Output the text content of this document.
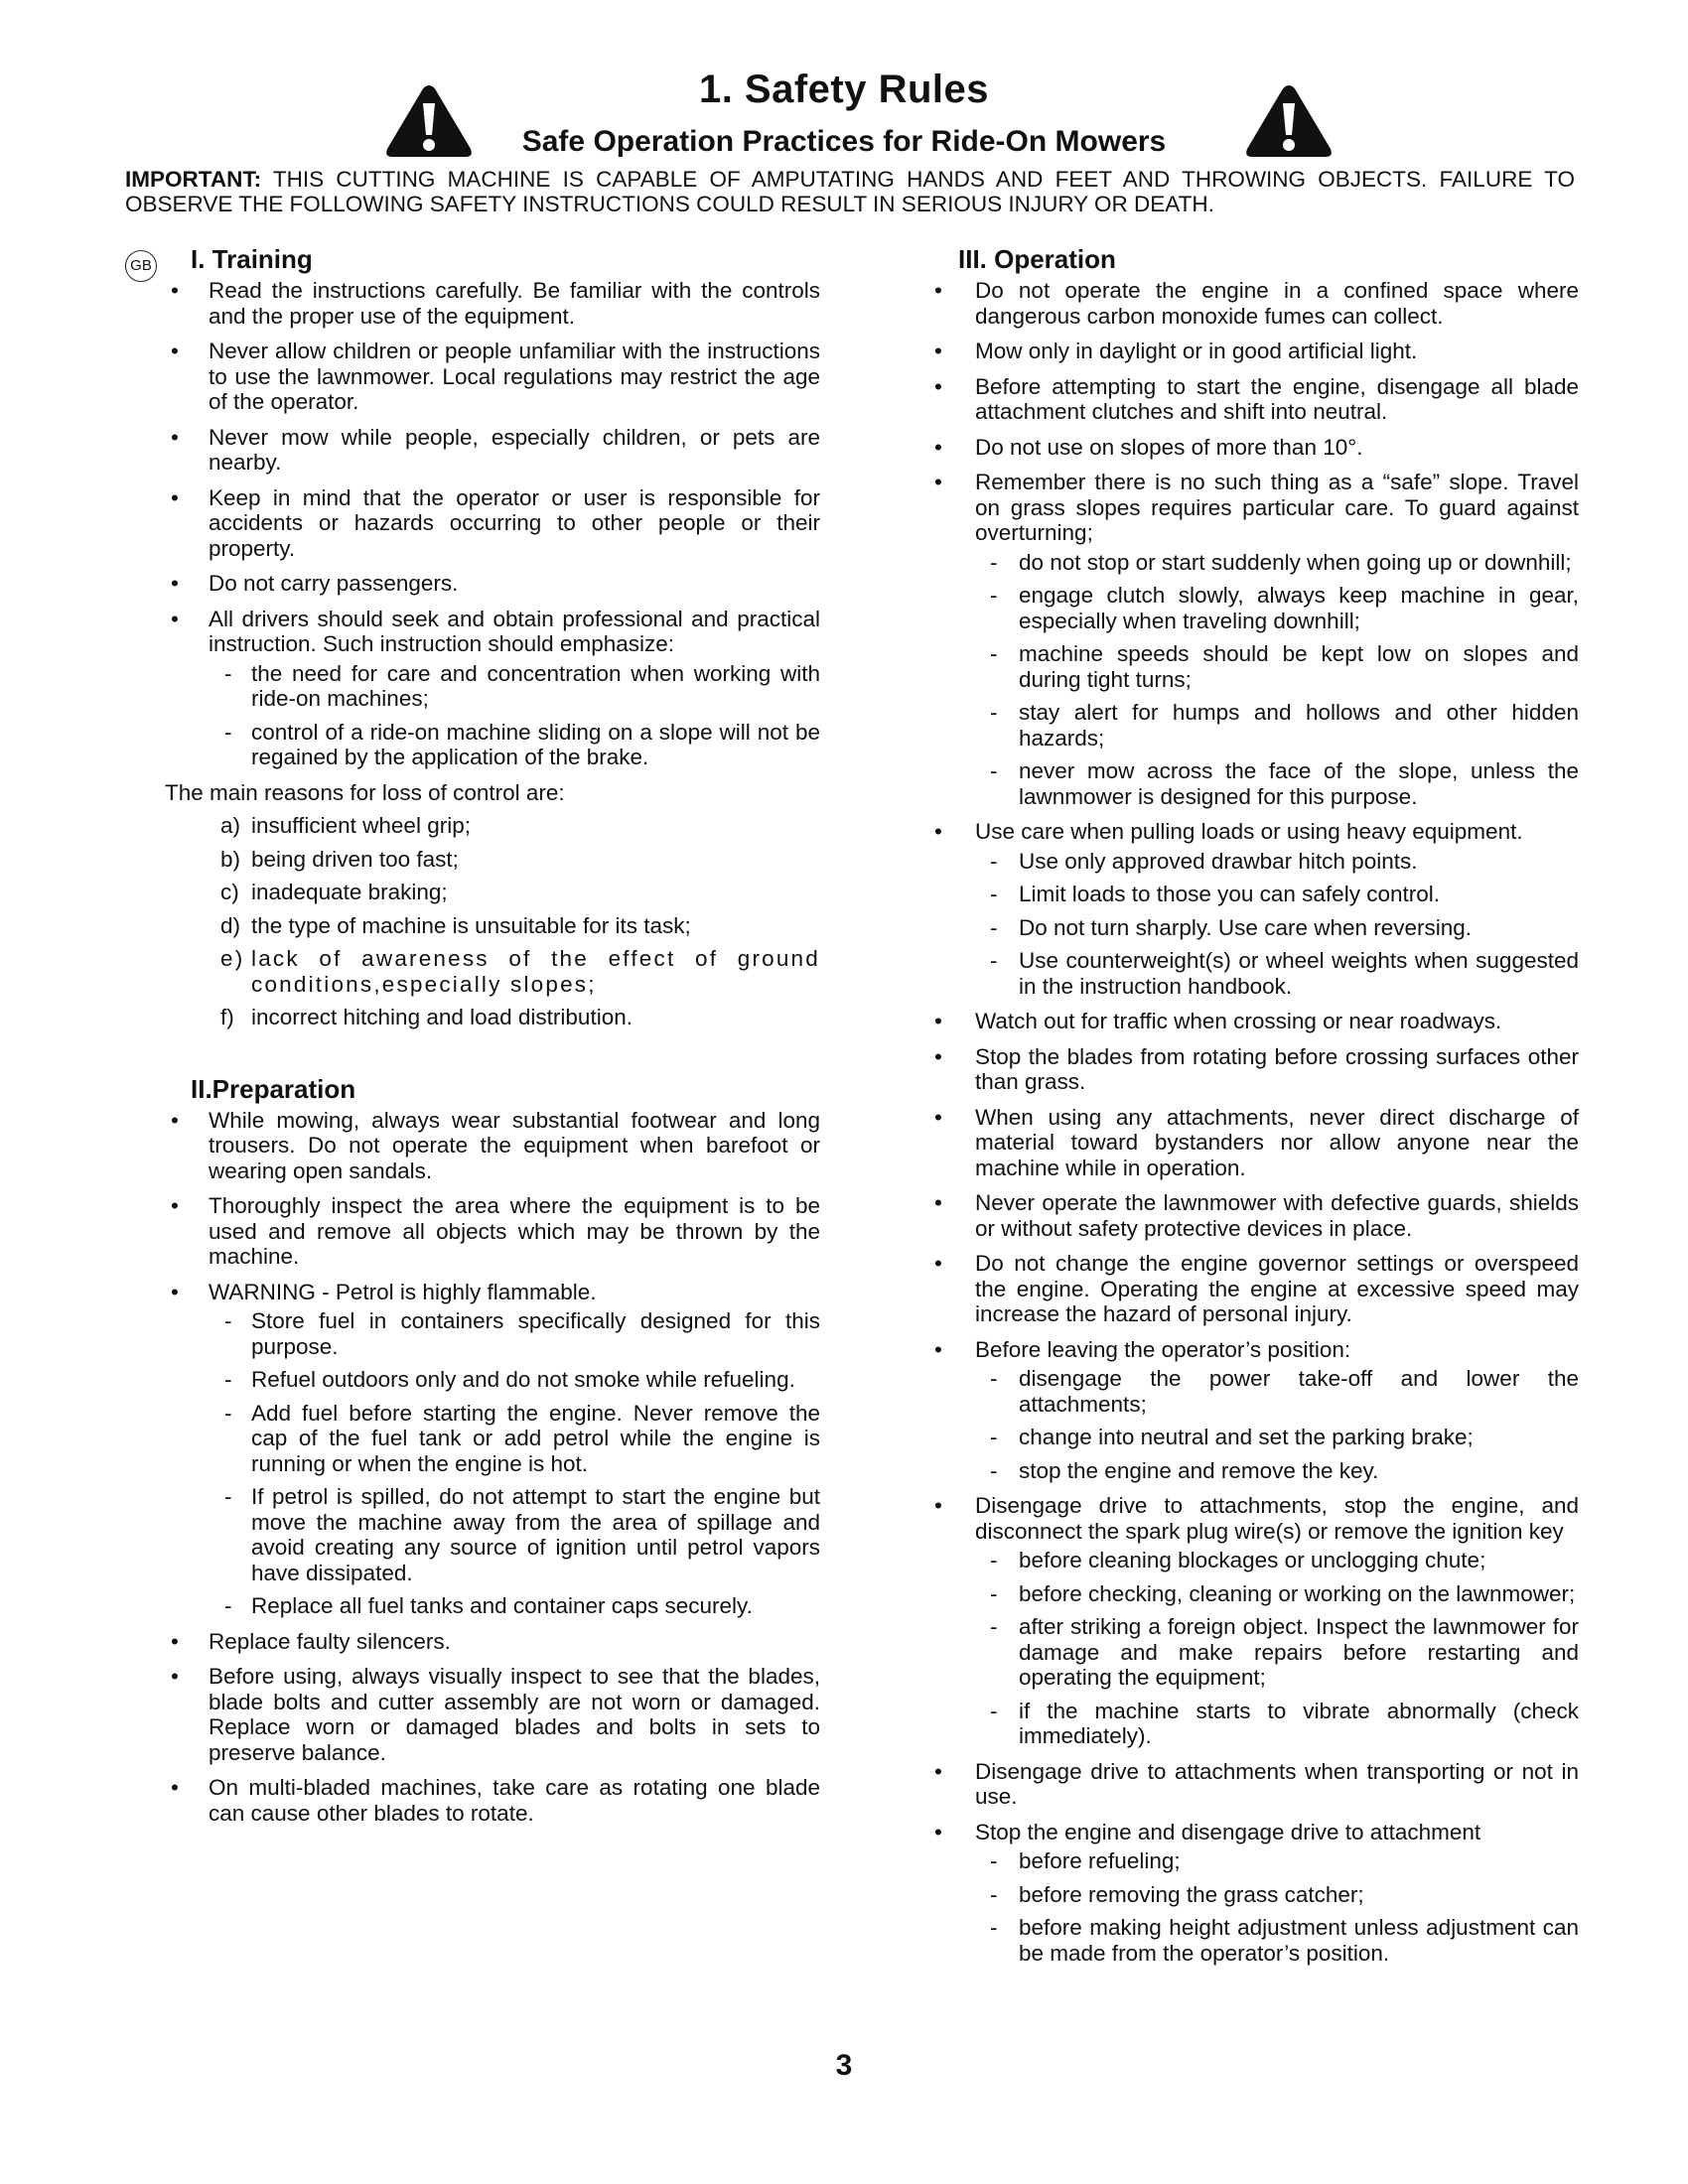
1. Safety Rules
Safe Operation Practices for Ride-On Mowers
IMPORTANT: THIS CUTTING MACHINE IS CAPABLE OF AMPUTATING HANDS AND FEET AND THROWING OBJECTS. FAILURE TO OBSERVE THE FOLLOWING SAFETY INSTRUCTIONS COULD RESULT IN SERIOUS INJURY OR DEATH.
GB I. Training
• Read the instructions carefully. Be familiar with the controls and the proper use of the equipment.
• Never allow children or people unfamiliar with the instructions to use the lawnmower. Local regulations may restrict the age of the operator.
• Never mow while people, especially children, or pets are nearby.
• Keep in mind that the operator or user is responsible for accidents or hazards occurring to other people or their property.
• Do not carry passengers.
• All drivers should seek and obtain professional and practical instruction. Such instruction should emphasize:
- the need for care and concentration when working with ride-on machines;
- control of a ride-on machine sliding on a slope will not be regained by the application of the brake.
The main reasons for loss of control are:
a) insufficient wheel grip;
b) being driven too fast;
c) inadequate braking;
d) the type of machine is unsuitable for its task;
e) lack of awareness of the effect of ground conditions,especially slopes;
f) incorrect hitching and load distribution.
II.Preparation
• While mowing, always wear substantial footwear and long trousers. Do not operate the equipment when barefoot or wearing open sandals.
• Thoroughly inspect the area where the equipment is to be used and remove all objects which may be thrown by the machine.
• WARNING - Petrol is highly flammable.
- Store fuel in containers specifically designed for this purpose.
- Refuel outdoors only and do not smoke while refueling.
- Add fuel before starting the engine. Never remove the cap of the fuel tank or add petrol while the engine is running or when the engine is hot.
- If petrol is spilled, do not attempt to start the engine but move the machine away from the area of spillage and avoid creating any source of ignition until petrol vapors have dissipated.
- Replace all fuel tanks and container caps securely.
• Replace faulty silencers.
• Before using, always visually inspect to see that the blades, blade bolts and cutter assembly are not worn or damaged. Replace worn or damaged blades and bolts in sets to preserve balance.
• On multi-bladed machines, take care as rotating one blade can cause other blades to rotate.
III. Operation
• Do not operate the engine in a confined space where dangerous carbon monoxide fumes can collect.
• Mow only in daylight or in good artificial light.
• Before attempting to start the engine, disengage all blade attachment clutches and shift into neutral.
• Do not use on slopes of more than 10°.
• Remember there is no such thing as a “safe” slope. Travel on grass slopes requires particular care. To guard against overturning;
- do not stop or start suddenly when going up or downhill;
- engage clutch slowly, always keep machine in gear, especially when traveling downhill;
- machine speeds should be kept low on slopes and during tight turns;
- stay alert for humps and hollows and other hidden hazards;
- never mow across the face of the slope, unless the lawnmower is designed for this purpose.
• Use care when pulling loads or using heavy equipment.
- Use only approved drawbar hitch points.
- Limit loads to those you can safely control.
- Do not turn sharply. Use care when reversing.
- Use counterweight(s) or wheel weights when suggested in the instruction handbook.
• Watch out for traffic when crossing or near roadways.
• Stop the blades from rotating before crossing surfaces other than grass.
• When using any attachments, never direct discharge of material toward bystanders nor allow anyone near the machine while in operation.
• Never operate the lawnmower with defective guards, shields or without safety protective devices in place.
• Do not change the engine governor settings or overspeed the engine. Operating the engine at excessive speed may increase the hazard of personal injury.
• Before leaving the operator’s position:
- disengage the power take-off and lower the attachments;
- change into neutral and set the parking brake;
- stop the engine and remove the key.
• Disengage drive to attachments, stop the engine, and disconnect the spark plug wire(s) or remove the ignition key
- before cleaning blockages or unclogging chute;
- before checking, cleaning or working on the lawnmower;
- after striking a foreign object. Inspect the lawnmower for damage and make repairs before restarting and operating the equipment;
- if the machine starts to vibrate abnormally (check immediately).
• Disengage drive to attachments when transporting or not in use.
• Stop the engine and disengage drive to attachment
- before refueling;
- before removing the grass catcher;
- before making height adjustment unless adjustment can be made from the operator’s position.
3
